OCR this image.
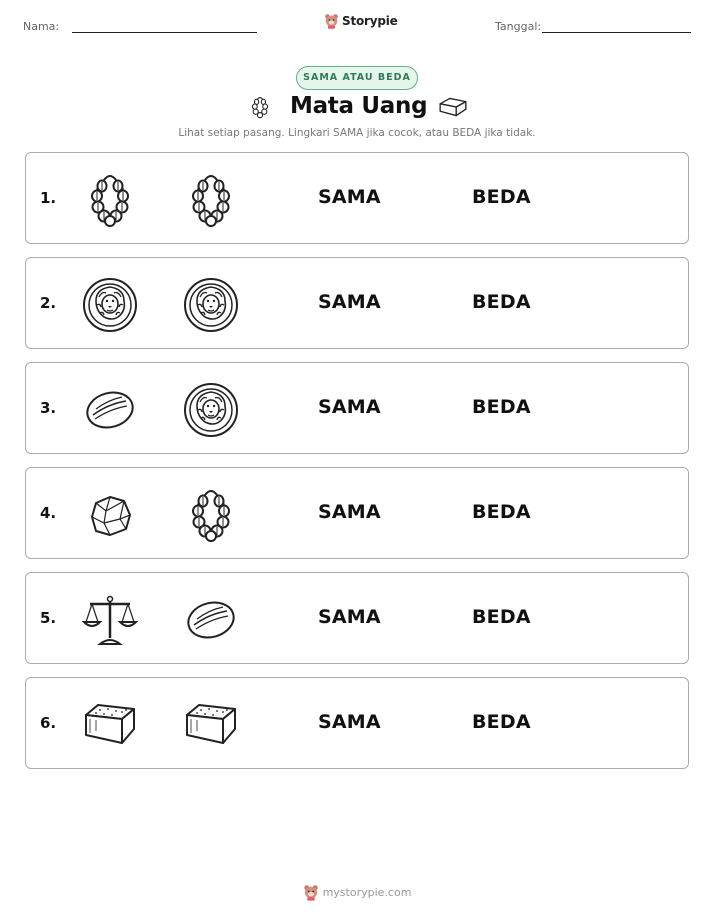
Nama:	Storypie	Tanggal:
SAMA ATAU BEDA
Mata Uang
Lihat setiap pasang. Lingkari SAMA jika cocok, atau BEDA jika tidak.
1.	SAMA	BEDA
2.	SAMA	BEDA
3.	SAMA	BEDA
4.	SAMA	BEDA
5.	SAMA	BEDA
6.	SAMA	BEDA
mystorypie.com
